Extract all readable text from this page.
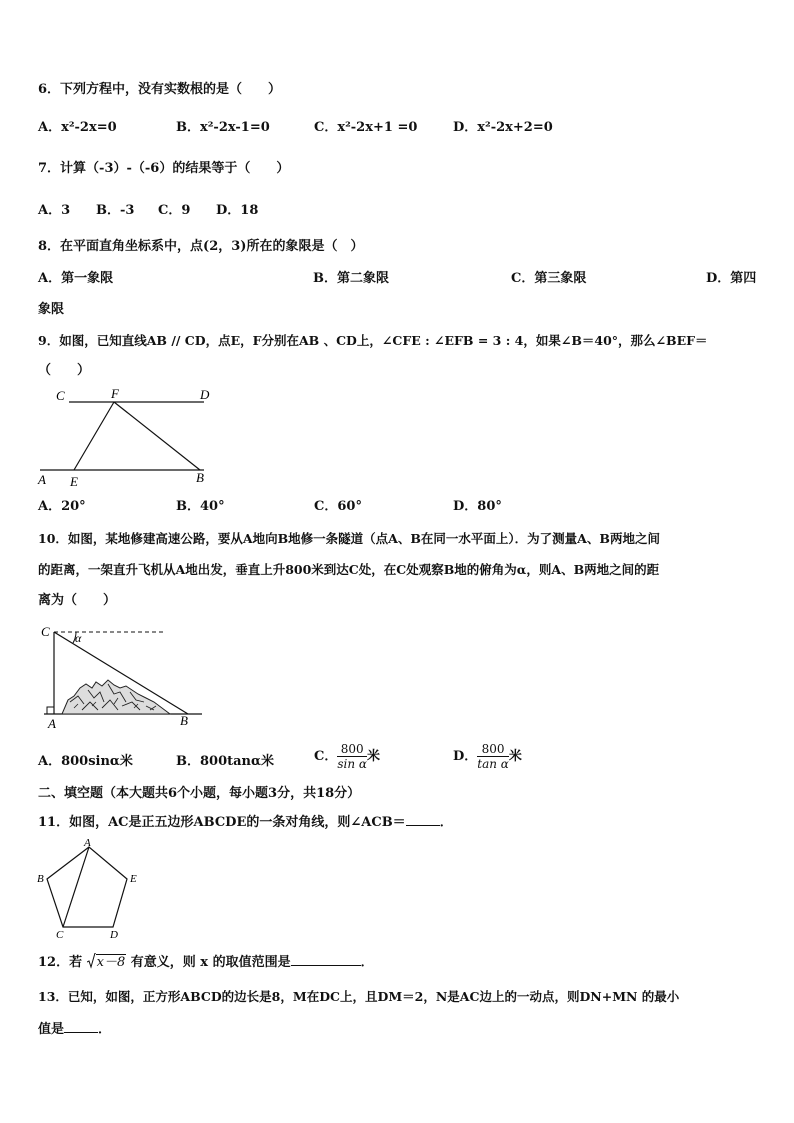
6．下列方程中，没有实数根的是（　　）
A．x²-2x=0	B．x²-2x-1=0	C．x²-2x+1 =0	D．x²-2x+2=0
7．计算（-3）-（-6）的结果等于（　　）
A．3 B．-3 C．9 D．18
8．在平面直角坐标系中，点(2，3)所在的象限是（　）
A．第一象限	B．第二象限	C．第三象限	D．第四
象限
9．如图，已知直线AB // CD，点E，F分别在AB 、CD上，∠CFE : ∠EFB = 3 : 4，如果∠B＝40°，那么∠BEF＝
（　　）
C	F	D
A E	B
A．20°	B．40°	C．60°	D．80°
10．如图，某地修建高速公路，要从A地向B地修一条隧道（点A、B在同一水平面上）．为了测量A、B两地之间
的距离，一架直升飞机从A地出发，垂直上升800米到达C处，在C处观察B地的俯角为α，则A、B两地之间的距
离为（　　）
C α
A	B
A．800sinα米	B．800tanα米	C． $\frac{800}{\text{sin α}}$ 米	D． $\frac{800}{\text{tan α}}$ 米
二、填空题（本大题共6个小题，每小题3分，共18分）
11．如图，AC是正五边形ABCDE的一条对角线，则∠ACB＝	．
A
B	E
C	D
12．若 x－8 有意义，则 x 的取值范围是	．
13．已知，如图，正方形ABCD的边长是8，M在DC上，且DM＝2，N是AC边上的一动点，则DN+MN 的最小
值是	．
